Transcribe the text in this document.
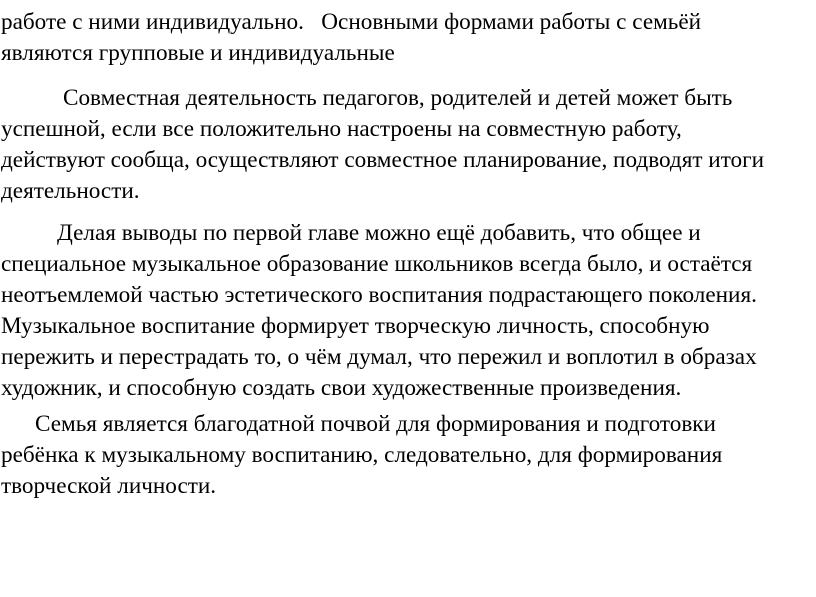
работе с ними индивидуально.   Основными формами работы с семьёй
являются групповые и индивидуальные

Совместная деятельность педагогов, родителей и детей может быть
успешной, если все положительно настроены на совместную работу,
действуют сообща, осуществляют совместное планирование, подводят итоги
деятельности.

Делая выводы по первой главе можно ещё добавить, что общее и
специальное музыкальное образование школьников всегда было, и остаётся
неотъемлемой частью эстетического воспитания подрастающего поколения.
Музыкальное воспитание формирует творческую личность, способную
пережить и перестрадать то, о чём думал, что пережил и воплотил в образах
художник, и способную создать свои художественные произведения.

Семья является благодатной почвой для формирования и подготовки
ребёнка к музыкальному воспитанию, следовательно, для формирования
творческой личности.
